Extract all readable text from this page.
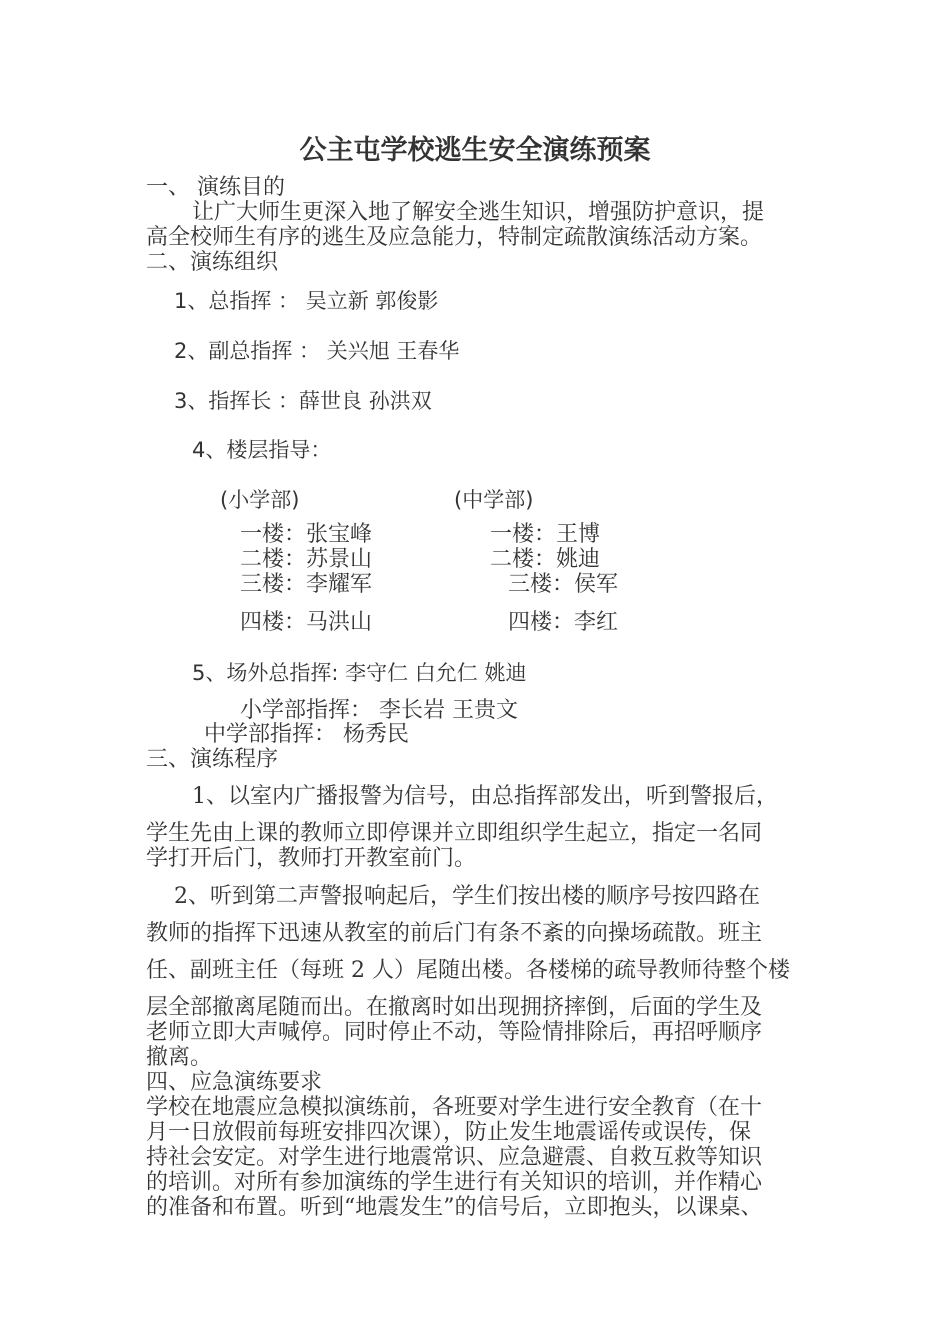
公主屯学校逃生安全演练预案
一、 演练目的
让广大师生更深入地了解安全逃生知识，增强防护意识，提
高全校师生有序的逃生及应急能力，特制定疏散演练活动方案。
二、演练组织
1、总指挥 ： 吴立新 郭俊影
2、副总指挥 ： 关兴旭 王春华
3、指挥长 ：薛世良 孙洪双
4、楼层指导：
(小学部)	(中学部)
一楼：张宝峰
二楼：苏景山
三楼：李耀军
四楼：马洪山
一楼：王博
二楼：姚迪
三楼：侯军
四楼：李红
5、场外总指挥: 李守仁 白允仁 姚迪
小学部指挥： 李长岩 王贵文
中学部指挥： 杨秀民
三、演练程序
1、以室内广播报警为信号，由总指挥部发出，听到警报后，
学生先由上课的教师立即停课并立即组织学生起立，指定一名同
学打开后门，教师打开教室前门。
2、听到第二声警报响起后，学生们按出楼的顺序号按四路在
教师的指挥下迅速从教室的前后门有条不紊的向操场疏散。班主
任、副班主任（每班 2 人）尾随出楼。各楼梯的疏导教师待整个楼
层全部撤离尾随而出。在撤离时如出现拥挤摔倒，后面的学生及
老师立即大声喊停。同时停止不动，等险情排除后，再招呼顺序
撤离。
四、应急演练要求
学校在地震应急模拟演练前，各班要对学生进行安全教育（在十
月一日放假前每班安排四次课），防止发生地震谣传或误传，保
持社会安定。对学生进行地震常识、应急避震、自救互救等知识
的培训。对所有参加演练的学生进行有关知识的培训，并作精心
的准备和布置。听到“地震发生”的信号后，立即抱头，以课桌、
